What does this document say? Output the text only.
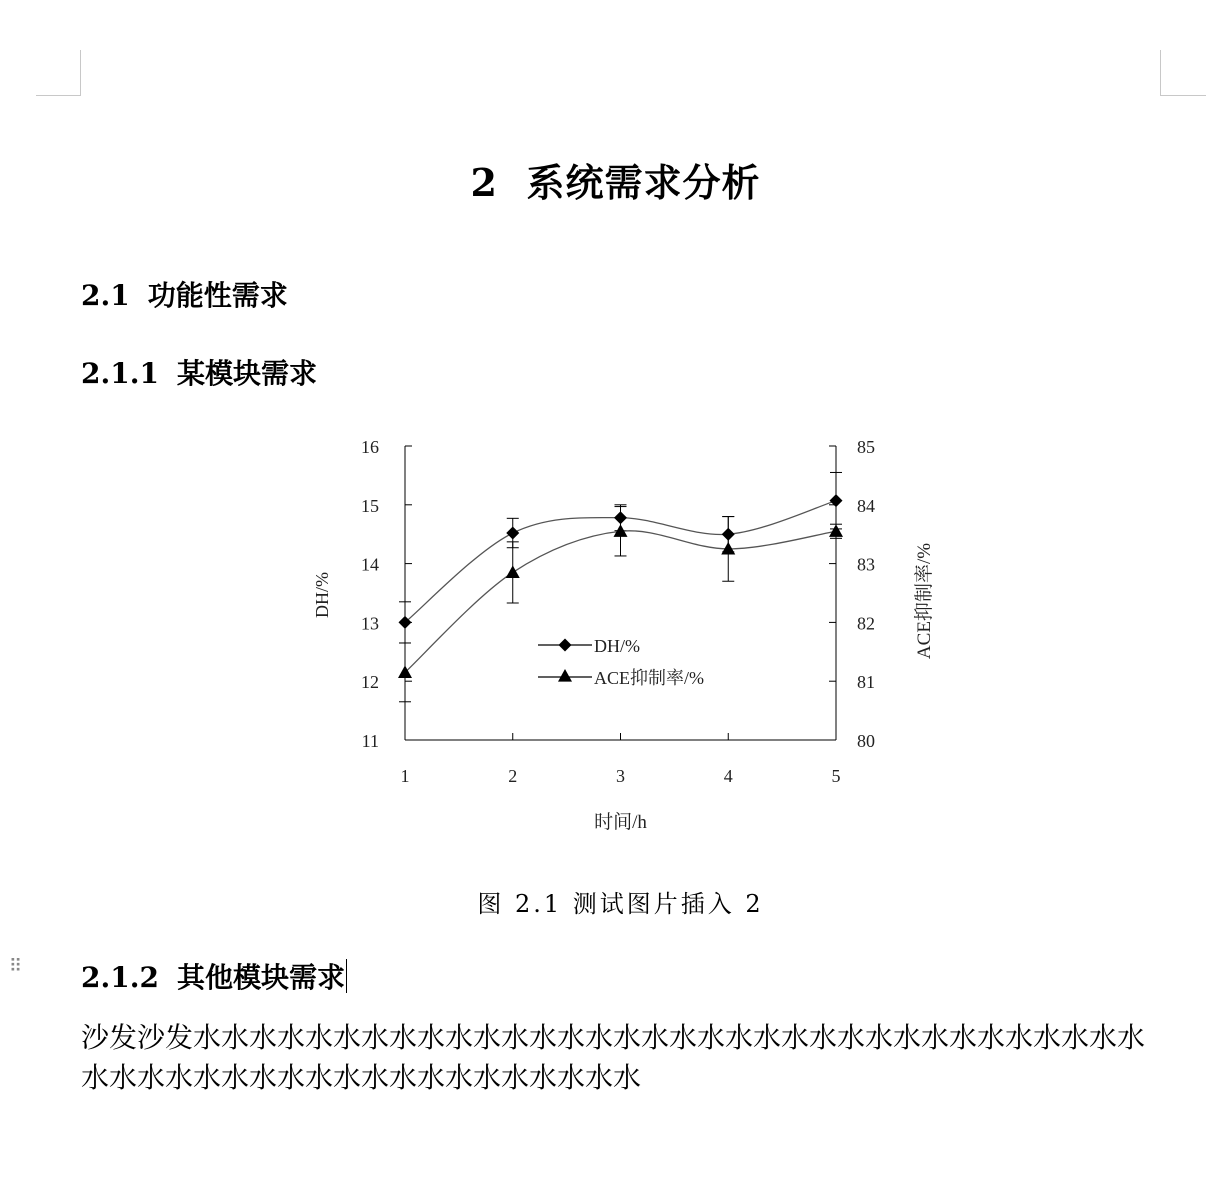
2 系统需求分析
2.1 功能性需求
2.1.1 某模块需求
11
12
13
14
15
16
80
81
82
83
84
85
1	2	3	4	5
时间/h
DH/%	ACE抑制率/%
DH/%
ACE抑制率/%
图 2.1 测试图片插入 2
⠿ 2.1.2 其他模块需求
沙发沙发水水水水水水水水水水水水水水水水水水水水水水水水水水水水水水水水水水水水水水水水水水水水水水水水水水水水水水
